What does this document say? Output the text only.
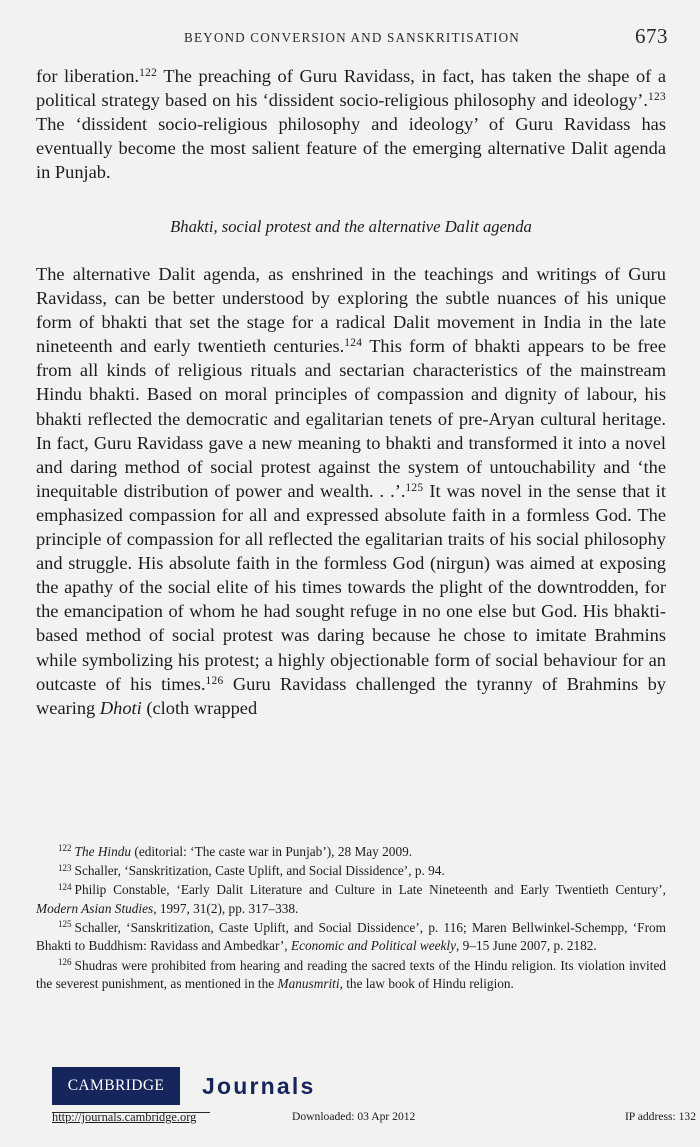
BEYOND CONVERSION AND SANSKRITISATION	673

for liberation.$^{122}$ The preaching of Guru Ravidass, in fact, has taken the shape of a political strategy based on his ‘dissident socio-religious philosophy and ideology’.$^{123}$ The ‘dissident socio-religious philosophy and ideology’ of Guru Ravidass has eventually become the most salient feature of the emerging alternative Dalit agenda in Punjab.

Bhakti, social protest and the alternative Dalit agenda

The alternative Dalit agenda, as enshrined in the teachings and writings of Guru Ravidass, can be better understood by exploring the subtle nuances of his unique form of bhakti that set the stage for a radical Dalit movement in India in the late nineteenth and early twentieth centuries.$^{124}$ This form of bhakti appears to be free from all kinds of religious rituals and sectarian characteristics of the mainstream Hindu bhakti. Based on moral principles of compassion and dignity of labour, his bhakti reflected the democratic and egalitarian tenets of pre-Aryan cultural heritage. In fact, Guru Ravidass gave a new meaning to bhakti and transformed it into a novel and daring method of social protest against the system of untouchability and ‘the inequitable distribution of power and wealth. . .’.$^{125}$ It was novel in the sense that it emphasized compassion for all and expressed absolute faith in a formless God. The principle of compassion for all reflected the egalitarian traits of his social philosophy and struggle. His absolute faith in the formless God (nirgun) was aimed at exposing the apathy of the social elite of his times towards the plight of the downtrodden, for the emancipation of whom he had sought refuge in no one else but God. His bhakti-based method of social protest was daring because he chose to imitate Brahmins while symbolizing his protest; a highly objectionable form of social behaviour for an outcaste of his times.$^{126}$ Guru Ravidass challenged the tyranny of Brahmins by wearing Dhoti (cloth wrapped

$^{122}$ The Hindu (editorial: ‘The caste war in Punjab’), 28 May 2009.

$^{123}$ Schaller, ‘Sanskritization, Caste Uplift, and Social Dissidence’, p. 94.

$^{124}$ Philip Constable, ‘Early Dalit Literature and Culture in Late Nineteenth and Early Twentieth Century’, Modern Asian Studies, 1997, 31(2), pp. 317–338.

$^{125}$ Schaller, ‘Sanskritization, Caste Uplift, and Social Dissidence’, p. 116; Maren Bellwinkel-Schempp, ‘From Bhakti to Buddhism: Ravidass and Ambedkar’, Economic and Political weekly, 9–15 June 2007, p. 2182.

$^{126}$ Shudras were prohibited from hearing and reading the sacred texts of the Hindu religion. Its violation invited the severest punishment, as mentioned in the Manusmriti, the law book of Hindu religion.

CAMBRIDGE	Journals
http://journals.cambridge.org	Downloaded: 03 Apr 2012	IP address: 132
